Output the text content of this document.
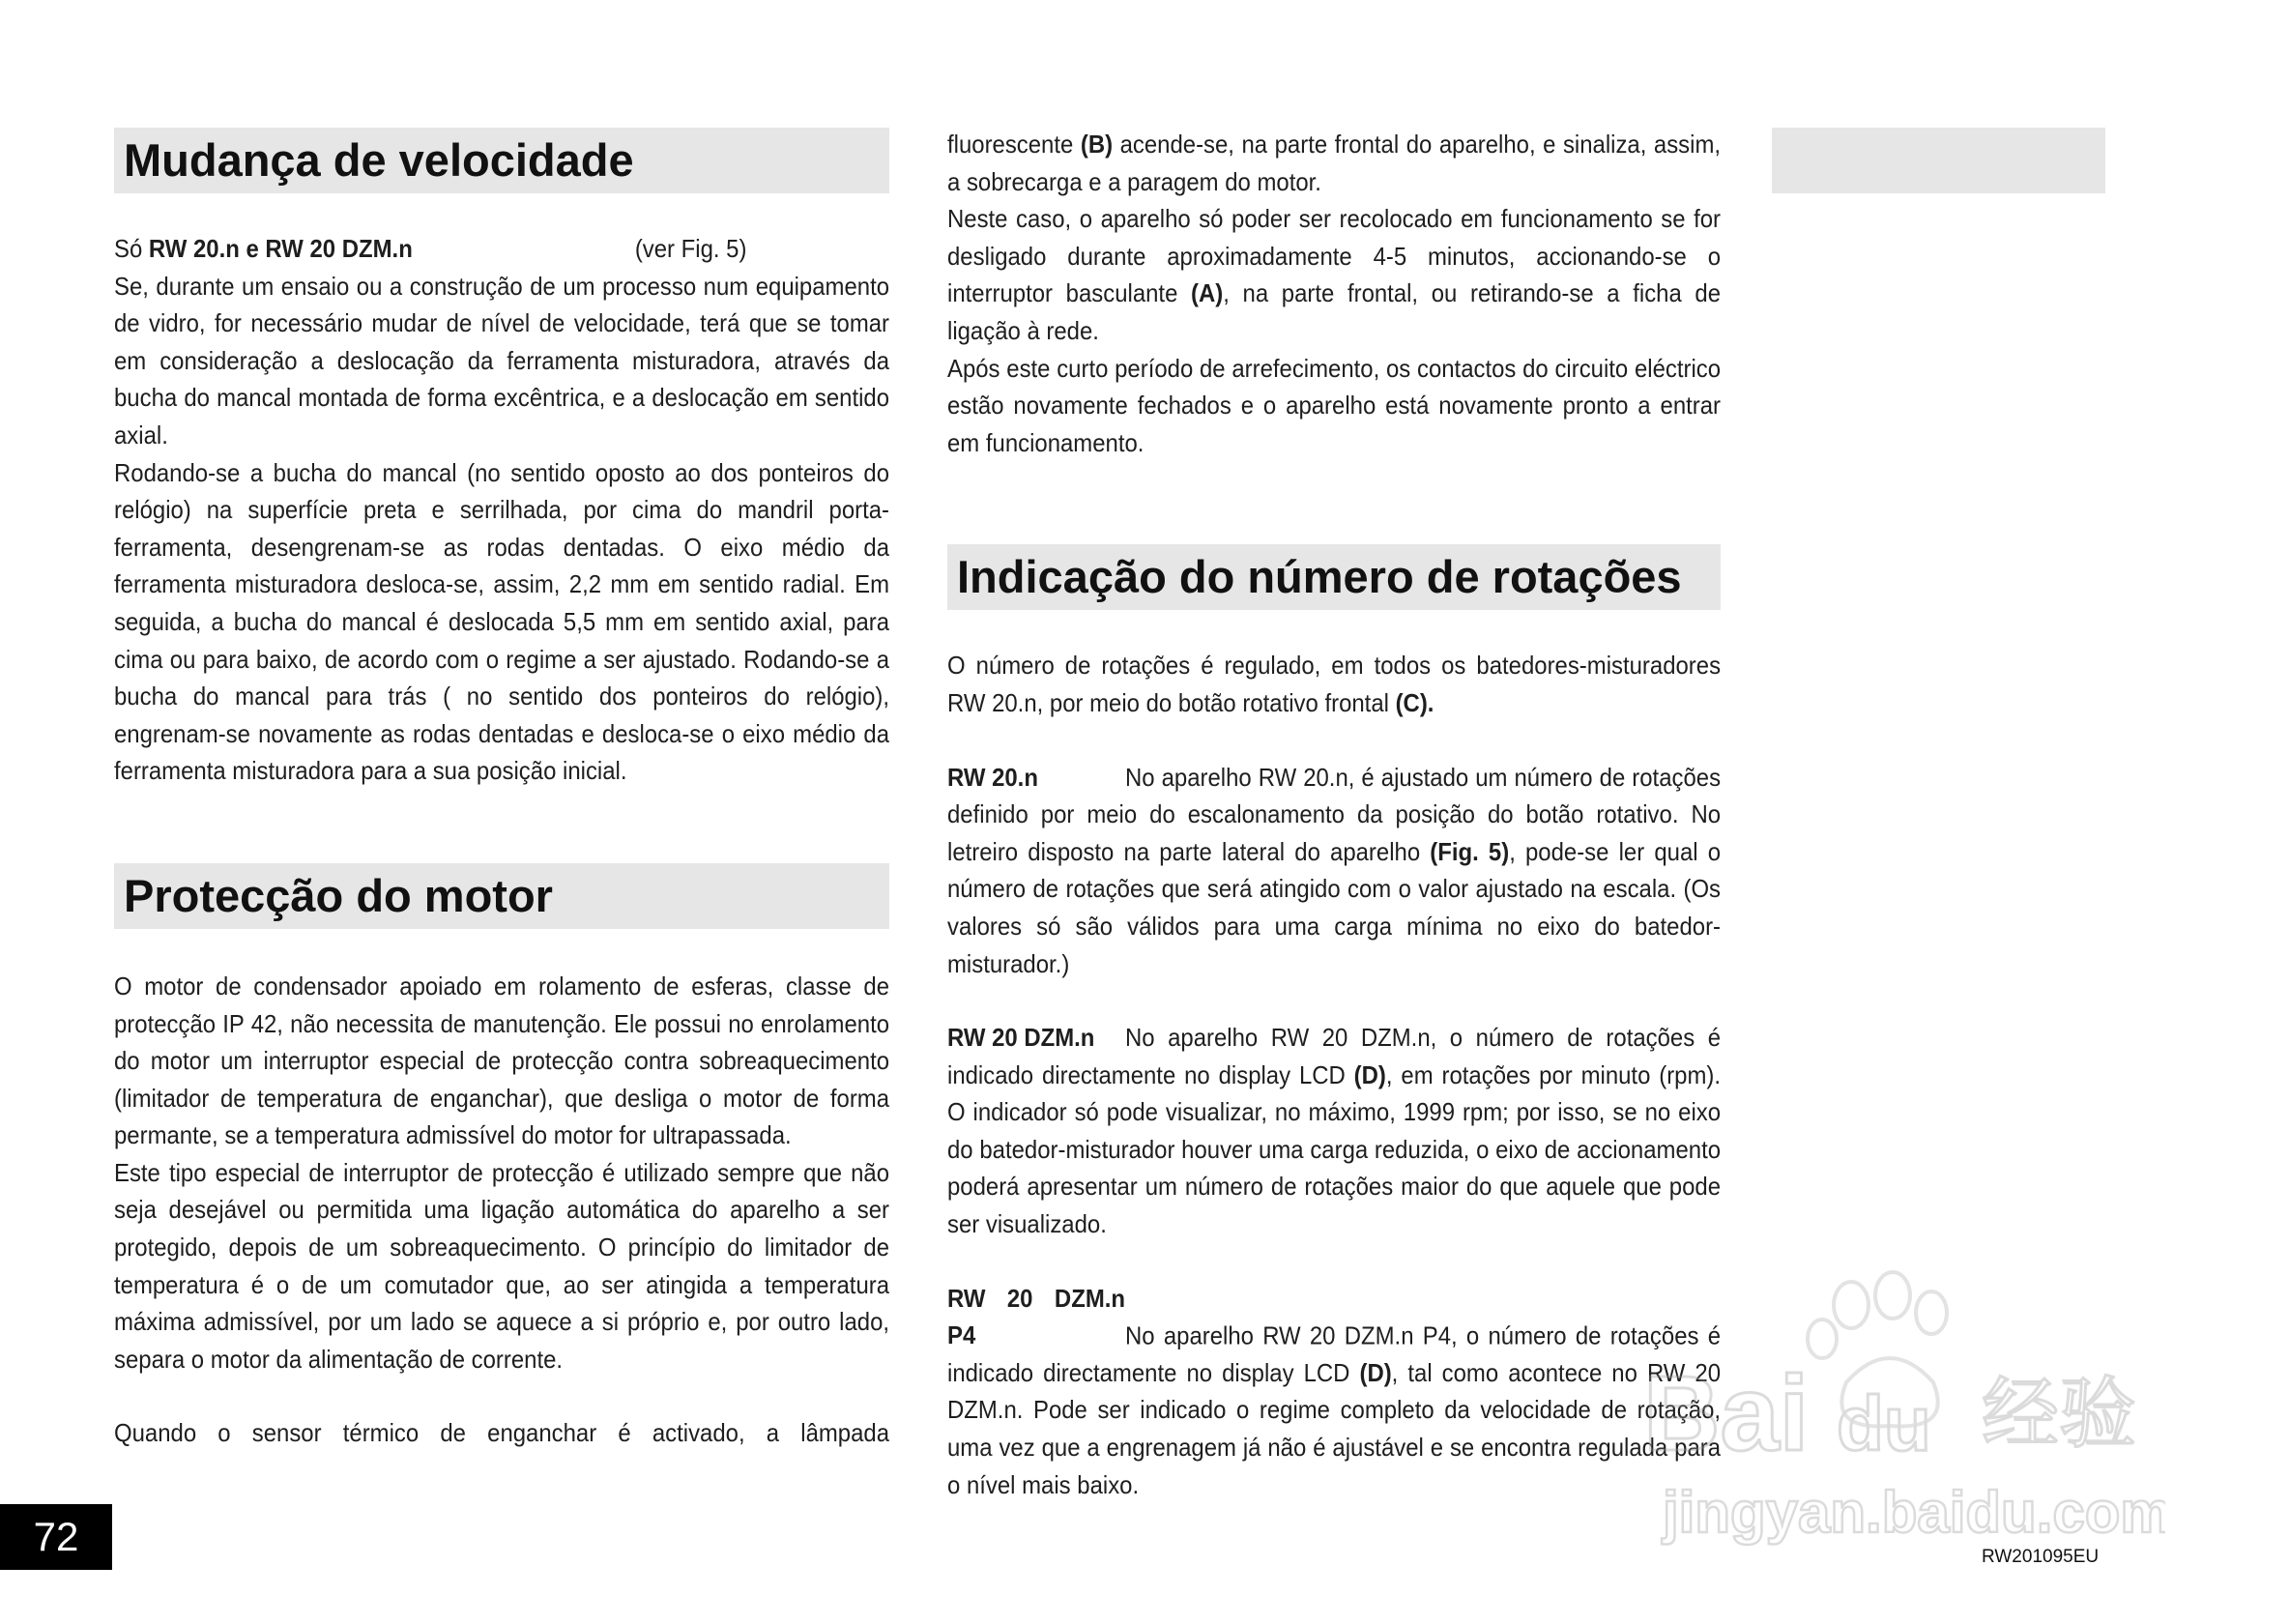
Mudança de velocidade

Só RW 20.n e RW 20 DZM.n	(ver Fig. 5)

Se, durante um ensaio ou a construção de um processo num equipamento de vidro, for necessário mudar de nível de velocidade, terá que se tomar em consideração a deslocação da ferramenta misturadora, através da bucha do mancal montada de forma excêntrica, e a deslocação em sentido axial.

Rodando-se a bucha do mancal (no sentido oposto ao dos ponteiros do relógio) na superfície preta e serrilhada, por cima do mandril porta-ferramenta, desengrenam-se as rodas dentadas. O eixo médio da ferramenta misturadora desloca-se, assim, 2,2 mm em sentido radial. Em seguida, a bucha do mancal é deslocada 5,5 mm em sentido axial, para cima ou para baixo, de acordo com o regime a ser ajustado. Rodando-se a bucha do mancal para trás ( no sentido dos ponteiros do relógio), engrenam-se novamente as rodas dentadas e desloca-se o eixo médio da ferramenta misturadora para a sua posição inicial.

Protecção do motor

O motor de condensador apoiado em rolamento de esferas, classe de protecção IP 42, não necessita de manutenção. Ele possui no enrolamento do motor um interruptor especial de protecção contra sobreaquecimento (limitador de temperatura de enganchar), que desliga o motor de forma permante, se a temperatura admissível do motor for ultrapassada.

Este tipo especial de interruptor de protecção é utilizado sempre que não seja desejável ou permitida uma ligação automática do aparelho a ser protegido, depois de um sobreaquecimento. O princípio do limitador de temperatura é o de um comutador que, ao ser atingida a temperatura máxima admissível, por um lado se aquece a si próprio e, por outro lado, separa o motor da alimentação de corrente.

Quando o sensor térmico de enganchar é activado, a lâmpada

fluorescente (B) acende-se, na parte frontal do aparelho, e sinaliza, assim, a sobrecarga e a paragem do motor.

Neste caso, o aparelho só poder ser recolocado em funcionamento se for desligado durante aproximadamente 4-5 minutos, accionando-se o interruptor basculante (A), na parte frontal, ou retirando-se a ficha de ligação à rede.

Após este curto período de arrefecimento, os contactos do circuito eléctrico estão novamente fechados e o aparelho está novamente pronto a entrar em funcionamento.

Indicação do número de rotações

O número de rotações é regulado, em todos os batedores-misturadores RW 20.n, por meio do botão rotativo frontal (C).

RW 20.n	No aparelho RW 20.n, é ajustado um número de rotações definido por meio do escalonamento da posição do botão rotativo. No letreiro disposto na parte lateral do aparelho (Fig. 5), pode-se ler qual o número de rotações que será atingido com o valor ajustado na escala. (Os valores só são válidos para uma carga mínima no eixo do batedor-misturador.)

RW 20 DZM.n No aparelho RW 20 DZM.n, o número de rotações é indicado directamente no display LCD (D), em rotações por minuto (rpm). O indicador só pode visualizar, no máximo, 1999 rpm; por isso, se no eixo do batedor-misturador houver uma carga reduzida, o eixo de accionamento poderá apresentar um número de rotações maior do que aquele que pode ser visualizado.

RW 20 DZM.n P4	No aparelho RW 20 DZM.n P4, o número de rotações é indicado directamente no display LCD (D), tal como acontece no RW 20 DZM.n. Pode ser indicado o regime completo da velocidade de rotação, uma vez que a engrenagem já não é ajustável e se encontra regulada para o nível mais baixo.

72	RW201095EU
Bai du 经验
jingyan.baidu.com
